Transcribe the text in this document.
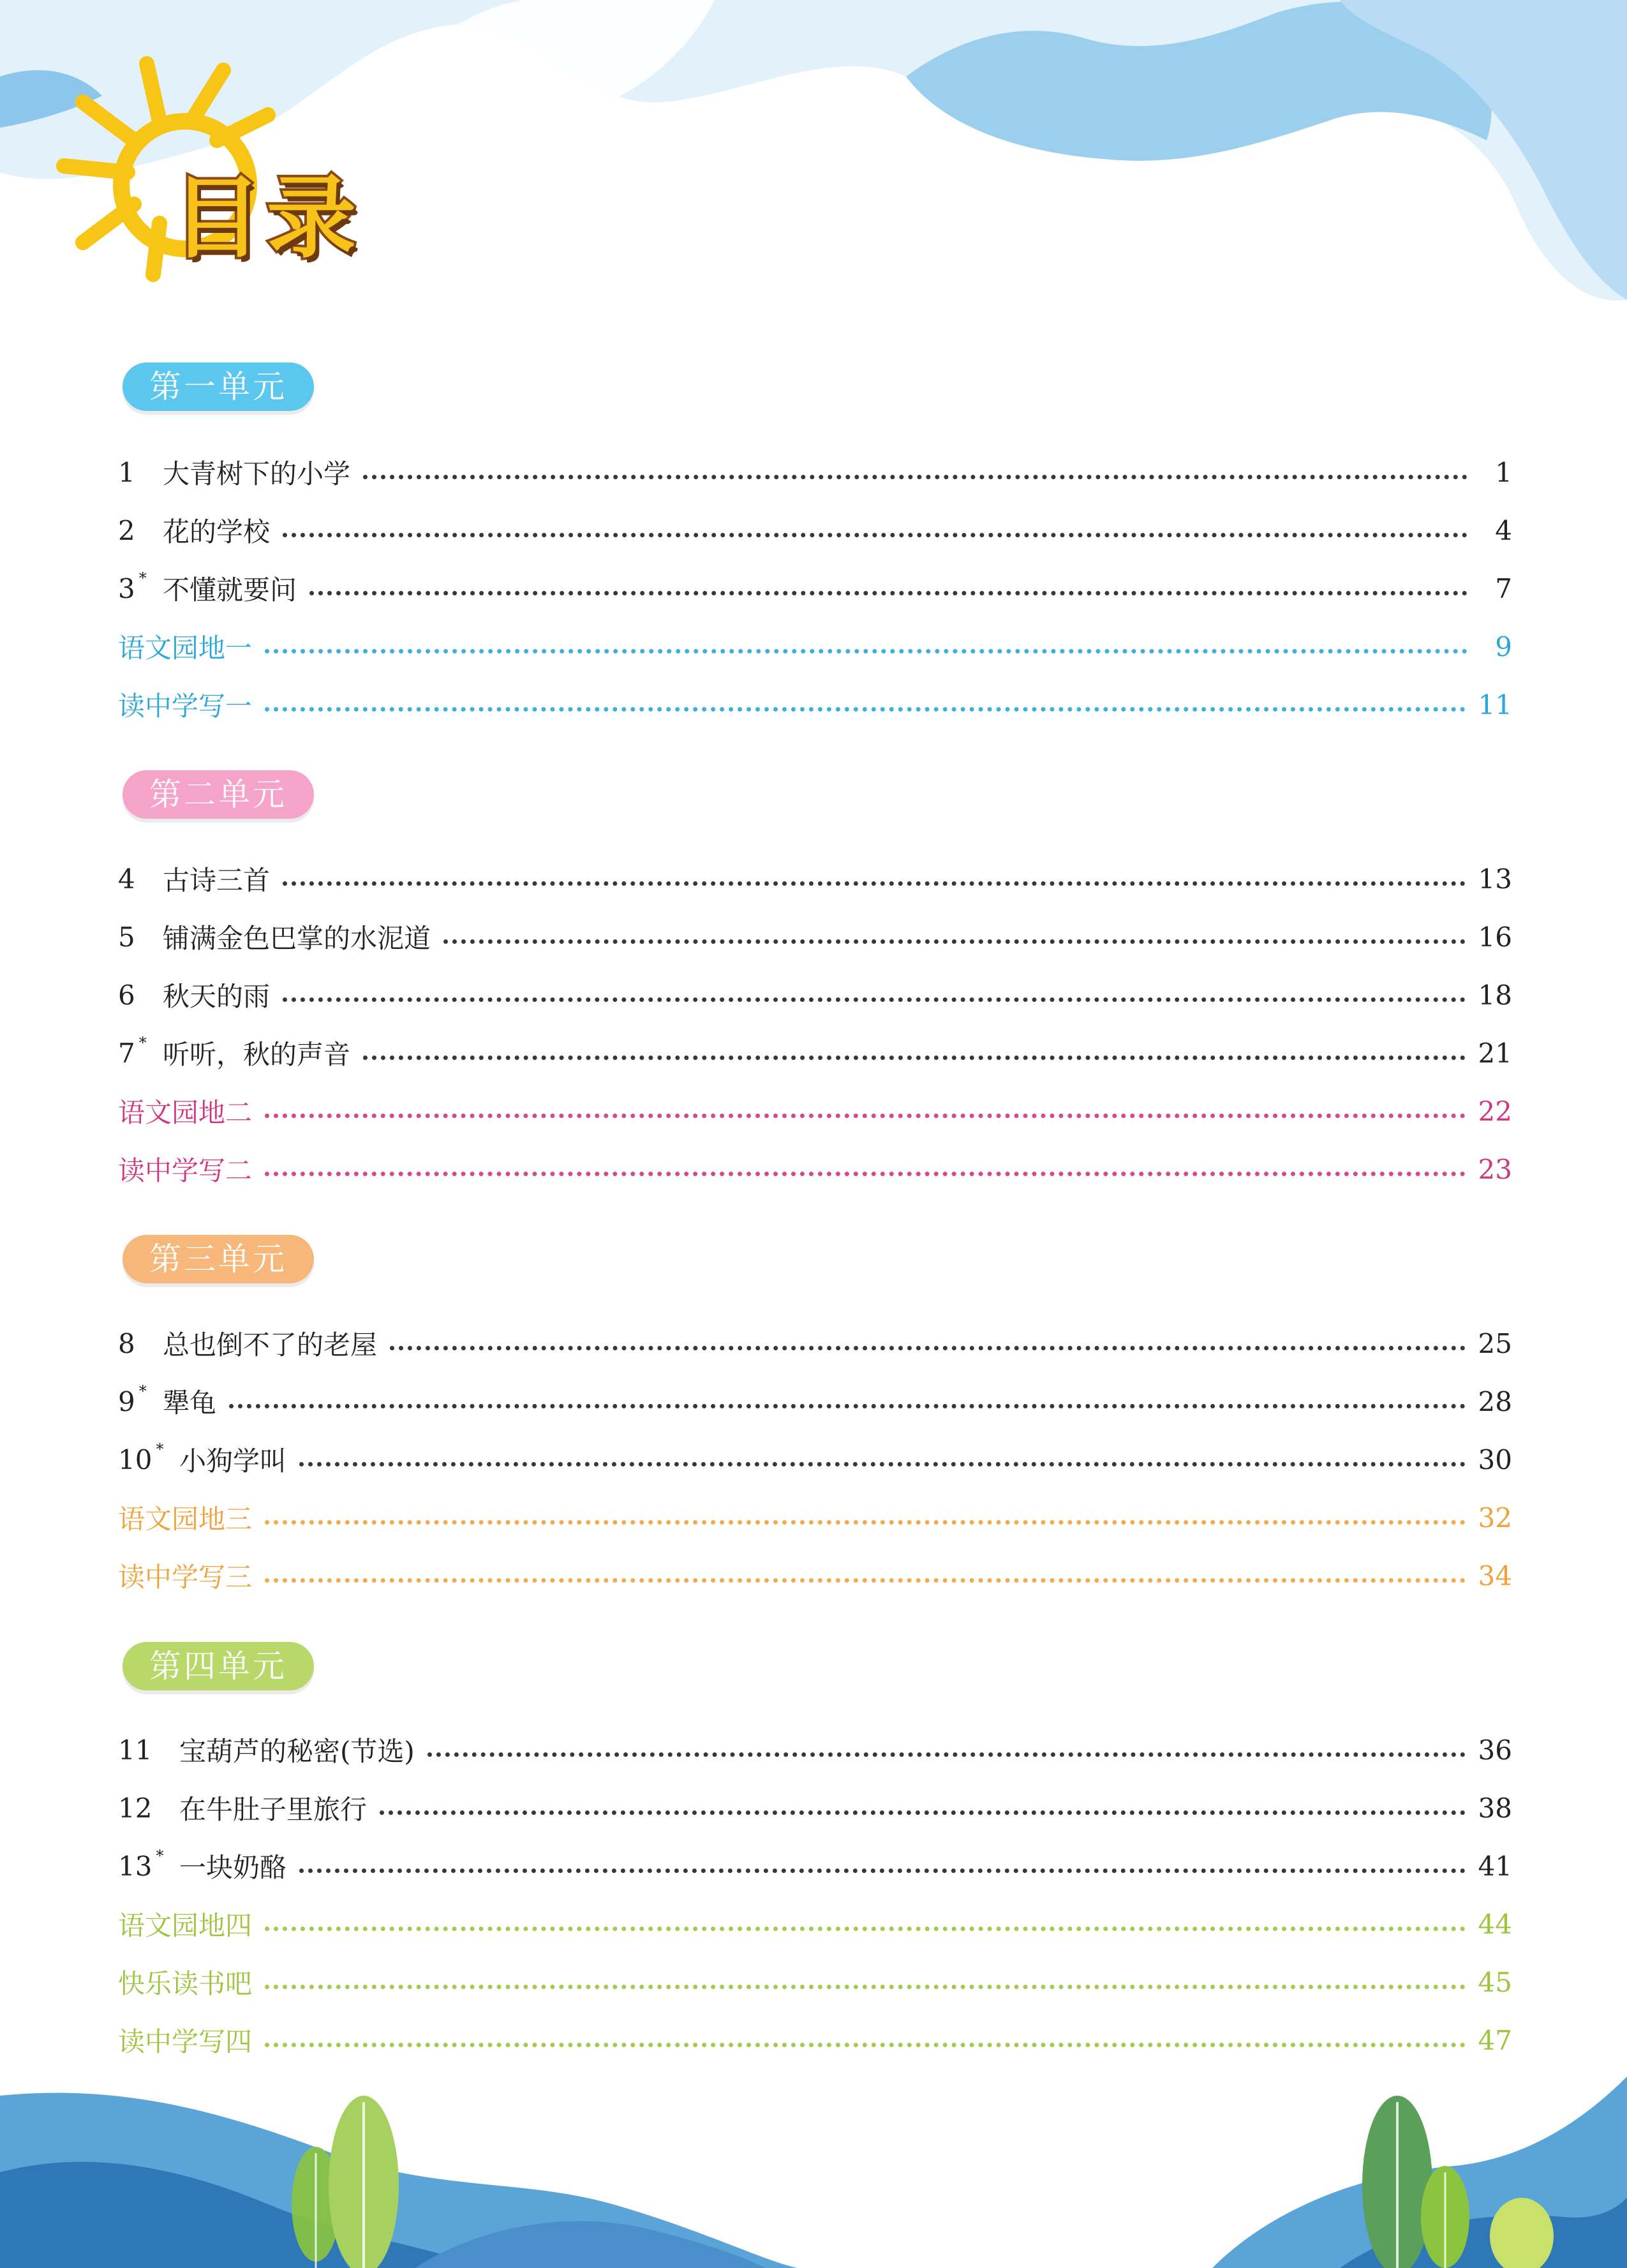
目录
第一单元
1 大青树下的小学	1
2 花的学校	4
3 * 不懂就要问	7
语文园地一	9
读中学写一	11
第二单元
4 古诗三首	13
5 铺满金色巴掌的水泥道	16
6 秋天的雨	18
7 * 听听，秋的声音	21
语文园地二	22
读中学写二	23
第三单元
8 总也倒不了的老屋	25
9 * 犟龟	28
10 * 小狗学叫	30
语文园地三	32
读中学写三	34
第四单元
11 宝葫芦的秘密(节选)	36
12 在牛肚子里旅行	38
13 * 一块奶酪	41
语文园地四	44
快乐读书吧	45
读中学写四	47
